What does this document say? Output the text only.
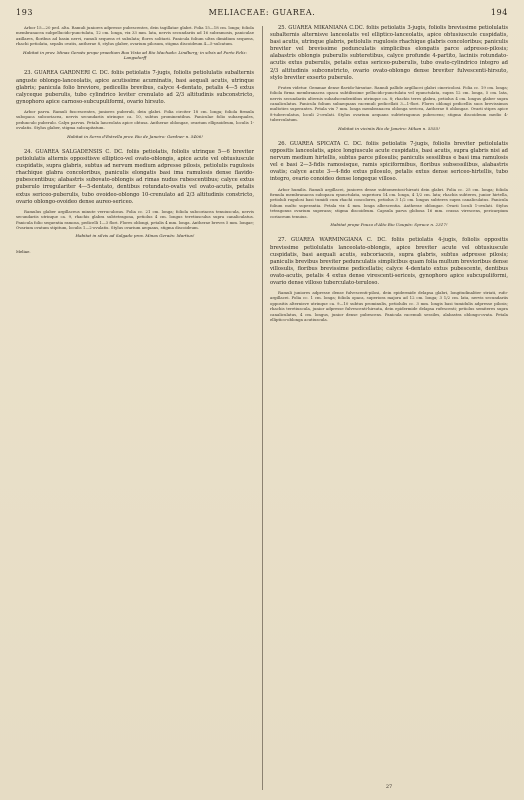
193	MELIACEAE: GUAREA.	194

Arbor 15—20 ped. alta. Ramuli juniores adpresse pubescentes, dein tagillatae glabri. Folia 15—18 cm. longa; foliola membranacea subpellucido-punctulata, 12 cm. longa, vix 33 mm. lata, nervis secundariis ad 16 subramosis, paniculae axillares, floribus ad basin nervi, ramuli sequens et subulata; flores solitarii. Panicula folium ultra dimidium sequens, rhachi petiolata, sepalis ovatis, antherae 8, stylus glaber, ovarium pilosum, stigma discoideum 4—5-sulcatum.

Habitat in prov. Minas Geraës prope praedium Boa Vista ad Rio Machado: Lindberg; in silvis ad Porto Feliz: Langsdorff

23. GUAREA GARDNERI C. DC. foliis petiolatis 7-jugis, foliolis petiolulatis subalternis anguste oblongo-lanceolatis, apice acutissime acuminatis, basi aequali acutis, utrinque glabris; panicula folio breviore, pedicellis brevibus, calyce 4-dentato, petalis 4—5 extus calyceque puberulis, tubo cylindrico leviter crenulato ad 2/3 altitudinis subconstricto, gynophoro apice carnoso-subcupuliformi, ovario hirsuto.

Arbor parva. Ramuli fuscescentes, juniores puberuli, dein glabri. Folia circiter 18 cm. longa; foliola firmula subopaca subcoriacea, nervis secundariis utrinque ca. 10, subtus prominentibus. Paniculae folio subaequales, pedunculo puberulo. Calyx parvus. Petala lanceolata apice obtusa. Antherae oblongae, ovarium ellipsoideum, loculis 1-ovulatis. Stylus glaber, stigma subcapitatum.

Habitat in Serra d'Estrella prov. Rio de Janeiro: Gardner n. 5406!

24. GUAREA SALGADENSIS C. DC. foliis petiolatis, foliolis utrinque 5—6 breviter petiolulatis alternis oppositisve elliptico-vel ovato-oblongis, apice acute vel obtusiuscule cuspidatis, supra glabris, subtus ad nervum medium adpresse pilosis, petiolulis rugulosis rhachique glabra concoloribus, paniculis elongatis basi ima ramulosis dense flavido-pubescentibus; alabastris subovato-oblongis ad rimas nudus rubescentibus; calyce extus puberulo irregulariter 4—5-dentato, dentibus rotundato-ovatis vel ovato-acutis, petalis extus sericeo-puberulis, tubo ovoideo-oblongo 10-crenulato ad 2/3 altitudinis constricto, ovario oblongo-ovoideo dense aureo-sericeo.

Ramulus glaber argillaceus minute verruculosus. Folia cc. 21 cm. longa; foliola subcoriacea tenuiuscula, nervis secundariis utrinque ca. 9, rhachis glabra subtetragona, petiolus 4 cm. longus teretiusculus supra canaliculatus. Panicula folio sequentia ramosa, pedicelli 1—3 flori. Flores oblongi, petalis 4 mm. longa. Antherae breves 5 mm. longae; Ovarium ovatum stipitum, loculis 1—2-ovulatis. Stylus ovarium aequans, stigma discoideum.

Habitat in silvis ad Salgado prov. Minas Geraës: Martius!

Meliae.

25. GUAREA MIKANIANA C.DC. foliis petiolatis 3-jugis, foliolis brevissime petiolulatis subalternis alternisve lanceolatis vel elliptico-lanceolatis, apice obtusiuscule cuspidatis, basi acutis, utrinque glabris, petiolulis rugulosis rhachique glabris concoloribus; paniculis breviter vel brevissime pedunculatis simplicibus elongatis parce adpresso-pilosis; alabastris oblongis puberulis subteretibus, calyce profunde 4-partito, laciniis rotundato-acutis extus puberulis, petalis extus sericeo-puberulis, tubo ovato-cylindrico integro ad 2/3 altitudinis subconstricto, ovario ovato-oblongo dense breviter fulvescenti-hirsuto, stylo breviter exserto puberulo.

Frutex videtur. Gemmae dense flavido-hirsutae. Ramuli pallide argillacei glabri cinericolosi. Folia cc. 19 cm. longa; foliola firma membranacea opaca subtilissime pellucido-punctulata vel epunctulata, supra 12 cm. longa, 5 cm. lata, nervis secundariis alternis subadscendentibus utrinque ca. 8; rhachis teres glabra, petiolus 4 cm. longus glaber supra canaliculatus. Panicula folium subaequans racemuli pedicellati 3—1-flori. Flores oblongi pedicellis suos brevissimos multoties superantes. Petala vix 7 mm. longa membranacea oblonga sericea, Antherae 8 oblongae. Ovarii stipes apice 8-tuberculatus, loculi 2-ovulati. Stylus ovarium aequans subtetragonus pubescens; stigma discoideum medio 4-tuberculatum.

Habitat in viciniis Rio de Janeiro: Mikan n. 5555!

26. GUAREA SPICATA C. DC. foliis petiolatis 7-jugis, foliolis breviter petiolulatis oppositis lanceolatis, apice longiuscule acute cuspidatis, basi acutis, supra glabris nisi ad nervum medium hirtellis, subtus parce pilosulis; paniculis sessilibus e basi ima ramulosis vel e basi 2—3-fidis ramosisque, ramis spiciformibus, floribus subsessilibus, alabastris ovatis; calyce acute 3—4-fido extus pilosulo, petalis extus dense sericeo-hirtellis, tubo integro, ovario conoideo dense longeque villoso.

Arbor humilis. Ramuli argillacei, juniores dense subtomentosi-hirsuti dein glabri. Folia cc. 25 cm. longa; foliola firmula membranacea subopaca epunctulata, superiora 14 cm. longa, 4 1/2 cm. lata; rhachis subteres, junior hirtella, petioluli rugulosi basi tumidi cum rhachi concolores, petiolus 3 1/2 cm. longus subteres supra canaliculatus. Panicula folium multo superantia. Petala vix 4 mm. longa albescentia. Antherae oblongae. Ovarii loculi 1-ovulati. Stylus tetragonus ovarium superans; stigma discoideum. Capsula parva globosa 16 mm. crassa virescens, pericarpium coriaceum tenuius.

Habitat prope Pouzo d'Alto Rio Uaupés: Spruce n. 2317!

27. GUAREA WARMINGIANA C. DC. foliis petiolatis 4-jugis, foliolis oppositis brevissime petiolulatis lanceolato-oblongis, apice breviter acute vel obtusiuscule cuspidatis, basi aequali acutis, subcoriaceis, supra glabris, subtus adpresse pilosis; paniculis brevibus breviter pedunculatis simplicibus quam folia multum brevioribus dense villosulis, floribus brevissime pedicellatis; calyce 4-dentato extus pubescente, dentibus ovato-acutis, petalis 4 extus dense virescenti-sericeis, gynophoro apice subcupuliformi, ovario dense villoso tuberculato-teruloso.

Ramuli juniores adpresse dense fulvescenti-pilosi, dein epidermide delapsa glabri, longitudinaliter striati, rufo-argillacei. Folia cc. 1 cm. longa; foliola opaca, superiora majora ad 12 cm. longa; 3 1/2 cm. lata, nervis secundariis oppositis alternisve utrinque ca. 9—10 subtus prominulis, petiolulis cc. 3 mm. longis basi tumidulis adpresse pilosis; rhachis teretiuscula, junior adpresse fulvescenti-hirsuta, dein epidermide delapsa rufescenti; petiolus semiteres supra canaliculatus, 4 cm. longus, junior dense pubescens. Panicula racemuli sessiles, alabastra oblongo-ovata. Petala elliptico-oblonga acutiuscula.

27
